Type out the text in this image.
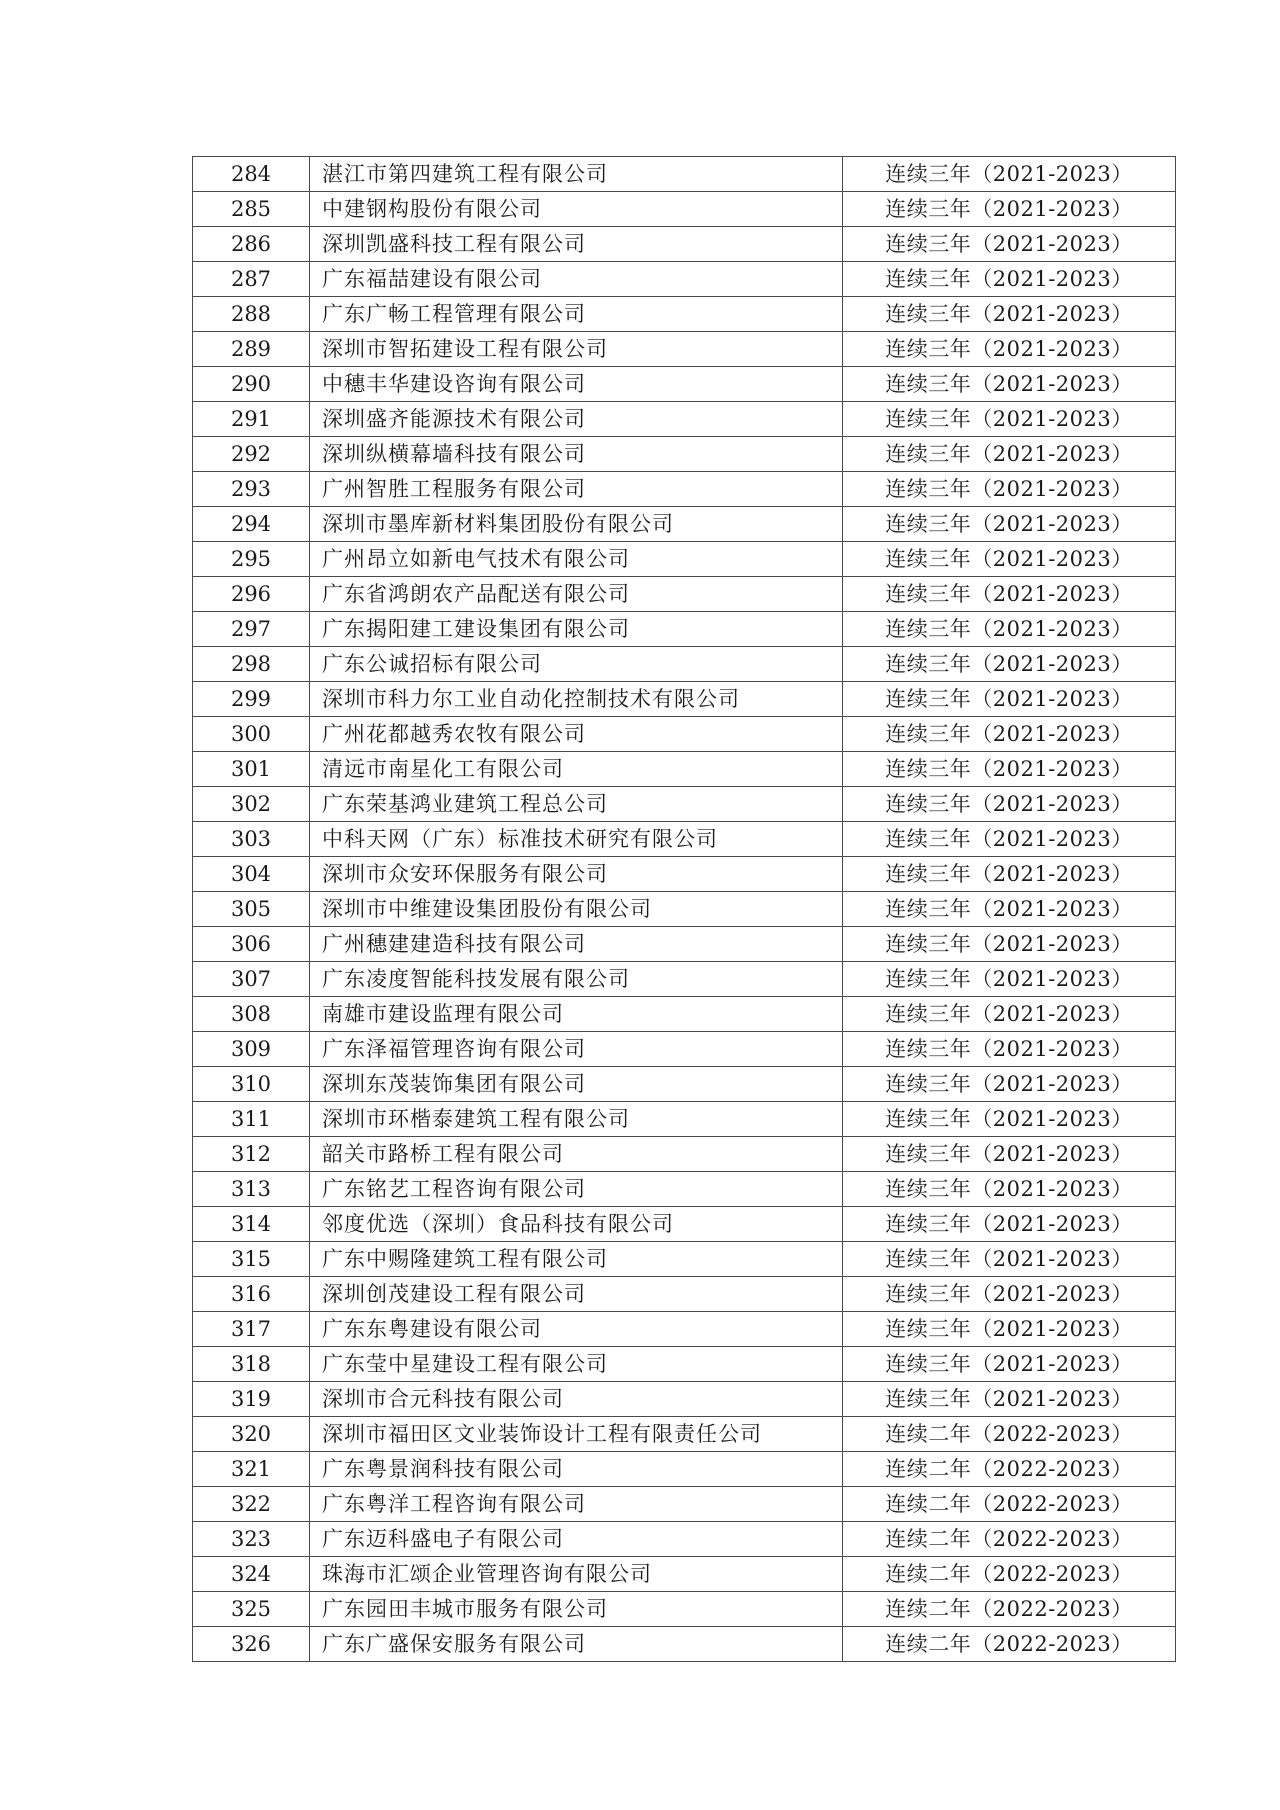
284	湛江市第四建筑工程有限公司	连续三年（2021-2023）
285	中建钢构股份有限公司	连续三年（2021-2023）
286	深圳凯盛科技工程有限公司	连续三年（2021-2023）
287	广东福喆建设有限公司	连续三年（2021-2023）
288	广东广畅工程管理有限公司	连续三年（2021-2023）
289	深圳市智拓建设工程有限公司	连续三年（2021-2023）
290	中穗丰华建设咨询有限公司	连续三年（2021-2023）
291	深圳盛齐能源技术有限公司	连续三年（2021-2023）
292	深圳纵横幕墙科技有限公司	连续三年（2021-2023）
293	广州智胜工程服务有限公司	连续三年（2021-2023）
294	深圳市墨库新材料集团股份有限公司	连续三年（2021-2023）
295	广州昂立如新电气技术有限公司	连续三年（2021-2023）
296	广东省鸿朗农产品配送有限公司	连续三年（2021-2023）
297	广东揭阳建工建设集团有限公司	连续三年（2021-2023）
298	广东公诚招标有限公司	连续三年（2021-2023）
299	深圳市科力尔工业自动化控制技术有限公司	连续三年（2021-2023）
300	广州花都越秀农牧有限公司	连续三年（2021-2023）
301	清远市南星化工有限公司	连续三年（2021-2023）
302	广东荣基鸿业建筑工程总公司	连续三年（2021-2023）
303	中科天网（广东）标准技术研究有限公司	连续三年（2021-2023）
304	深圳市众安环保服务有限公司	连续三年（2021-2023）
305	深圳市中维建设集团股份有限公司	连续三年（2021-2023）
306	广州穗建建造科技有限公司	连续三年（2021-2023）
307	广东凌度智能科技发展有限公司	连续三年（2021-2023）
308	南雄市建设监理有限公司	连续三年（2021-2023）
309	广东泽福管理咨询有限公司	连续三年（2021-2023）
310	深圳东茂装饰集团有限公司	连续三年（2021-2023）
311	深圳市环楷泰建筑工程有限公司	连续三年（2021-2023）
312	韶关市路桥工程有限公司	连续三年（2021-2023）
313	广东铭艺工程咨询有限公司	连续三年（2021-2023）
314	邻度优选（深圳）食品科技有限公司	连续三年（2021-2023）
315	广东中赐隆建筑工程有限公司	连续三年（2021-2023）
316	深圳创茂建设工程有限公司	连续三年（2021-2023）
317	广东东粤建设有限公司	连续三年（2021-2023）
318	广东莹中星建设工程有限公司	连续三年（2021-2023）
319	深圳市合元科技有限公司	连续三年（2021-2023）
320	深圳市福田区文业装饰设计工程有限责任公司	连续二年（2022-2023）
321	广东粤景润科技有限公司	连续二年（2022-2023）
322	广东粤洋工程咨询有限公司	连续二年（2022-2023）
323	广东迈科盛电子有限公司	连续二年（2022-2023）
324	珠海市汇颂企业管理咨询有限公司	连续二年（2022-2023）
325	广东园田丰城市服务有限公司	连续二年（2022-2023）
326	广东广盛保安服务有限公司	连续二年（2022-2023）
